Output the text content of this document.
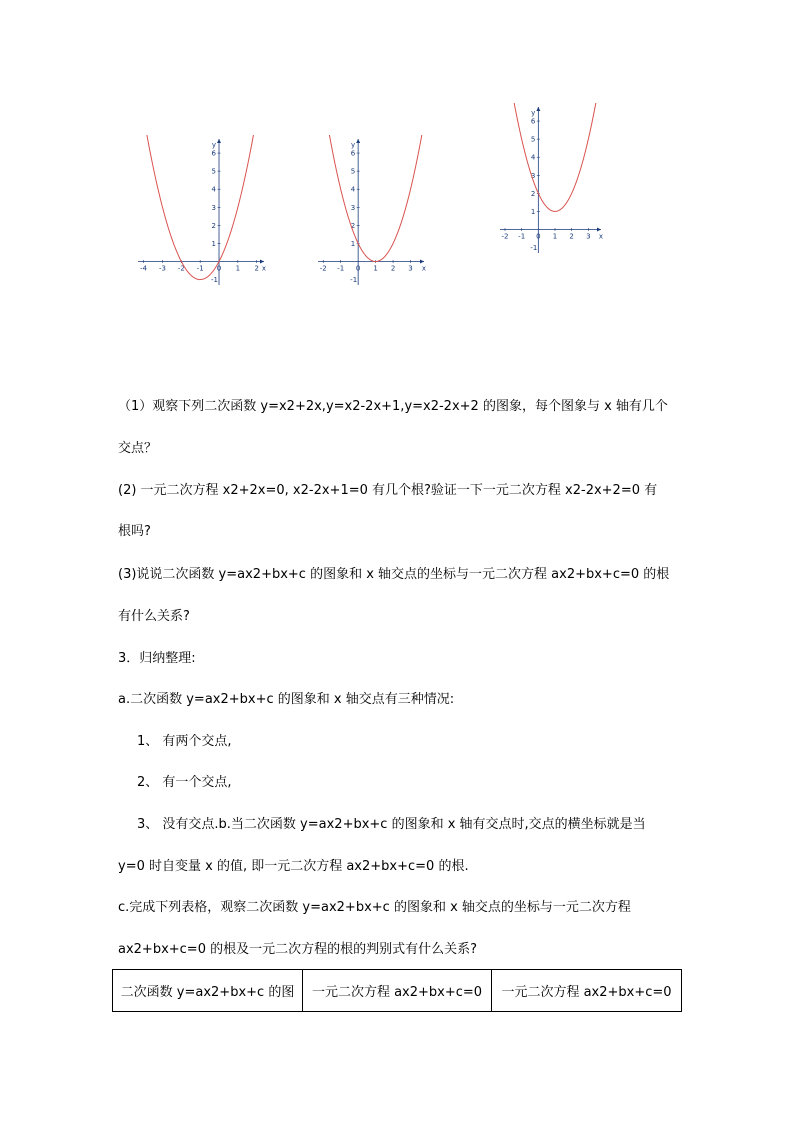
-4 -3 -2 -1 0 1 2
1
2
3
4
5
6
-1
x
y
-2 -1 0 1 2 3
1
2
3
4
5
6
-1
x
y
-2 -1 0 1 2 3
1
2
3
4
5
6
-1
x
y
（1）观察下列二次函数 y=x2+2x,y=x2-2x+1,y=x2-2x+2 的图象，每个图象与 x 轴有几个
交点？
(2) 一元二次方程 x2+2x=0, x2-2x+1=0 有几个根?验证一下一元二次方程 x2-2x+2=0 有
根吗?
(3)说说二次函数 y=ax2+bx+c 的图象和 x 轴交点的坐标与一元二次方程 ax2+bx+c=0 的根
有什么关系?
3．归纳整理:
a.二次函数 y=ax2+bx+c 的图象和 x 轴交点有三种情况:
1、 有两个交点,
2、 有一个交点,
3、 没有交点.b.当二次函数 y=ax2+bx+c 的图象和 x 轴有交点时,交点的横坐标就是当
y=0 时自变量 x 的值, 即一元二次方程 ax2+bx+c=0 的根.
c.完成下列表格，观察二次函数 y=ax2+bx+c 的图象和 x 轴交点的坐标与一元二次方程
ax2+bx+c=0 的根及一元二次方程的根的判别式有什么关系?
二次函数 y=ax2+bx+c 的图	一元二次方程 ax2+bx+c=0	一元二次方程 ax2+bx+c=0
